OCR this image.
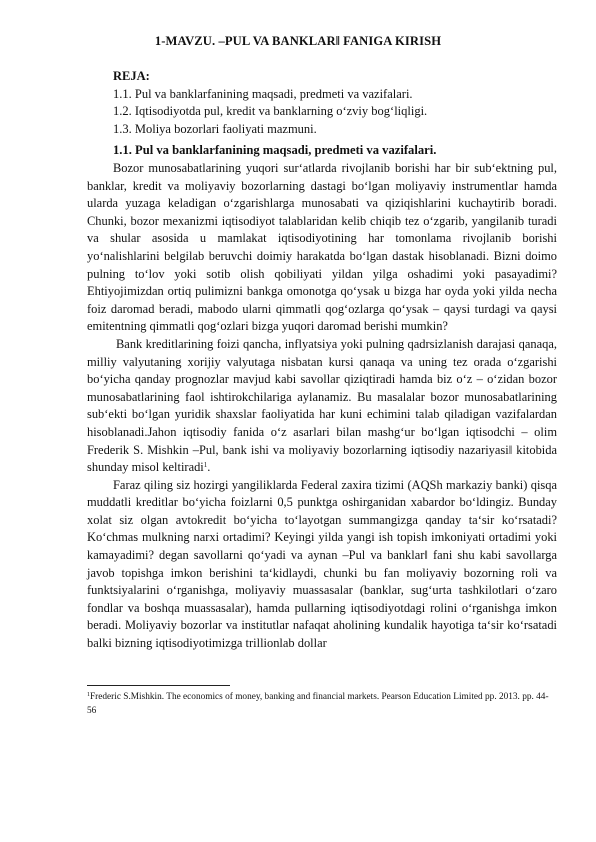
1-MAVZU. –PUL VA BANKLAR‖ FANIGA KIRISH
REJA:
1.1. Pul va banklarfanining maqsadi, predmeti va vazifalari.
1.2. Iqtisodiyotda pul, kredit va banklarning o‘zviy bog‘liqligi.
1.3. Moliya bozorlari faoliyati mazmuni.
1.1. Pul va banklarfanining maqsadi, predmeti va vazifalari.

Bozor munosabatlarining yuqori sur‘atlarda rivojlanib borishi har bir sub‘ektning pul, banklar, kredit va moliyaviy bozorlarning dastagi bo‘lgan moliyaviy instrumentlar hamda ularda yuzaga keladigan o‘zgarishlarga munosabati va qiziqishlarini kuchaytirib boradi. Chunki, bozor mexanizmi iqtisodiyot talablaridan kelib chiqib tez o‘zgarib, yangilanib turadi va shular asosida u mamlakat iqtisodiyotining har tomonlama rivojlanib borishi yo‘nalishlarini belgilab beruvchi doimiy harakatda bo‘lgan dastak hisoblanadi. Bizni doimo pulning to‘lov yoki sotib olish qobiliyati yildan yilga oshadimi yoki pasayadimi? Ehtiyojimizdan ortiq pulimizni bankga omonotga qo‘ysak u bizga har oyda yoki yilda necha foiz daromad beradi, mabodo ularni qimmatli qog‘ozlarga qo‘ysak – qaysi turdagi va qaysi emitentning qimmatli qog‘ozlari bizga yuqori daromad berishi mumkin?

Bank kreditlarining foizi qancha, inflyatsiya yoki pulning qadrsizlanish darajasi qanaqa, milliy valyutaning xorijiy valyutaga nisbatan kursi qanaqa va uning tez orada o‘zgarishi bo‘yicha qanday prognozlar mavjud kabi savollar qiziqtiradi hamda biz o‘z – o‘zidan bozor munosabatlarining faol ishtirokchilariga aylanamiz. Bu masalalar bozor munosabatlarining sub‘ekti bo‘lgan yuridik shaxslar faoliyatida har kuni echimini talab qiladigan vazifalardan hisoblanadi.Jahon iqtisodiy fanida o‘z asarlari bilan mashg‘ur bo‘lgan iqtisodchi – olim Frederik S. Mishkin –Pul, bank ishi va moliyaviy bozorlarning iqtisodiy nazariyasi‖ kitobida shunday misol keltiradi$^1$.

Faraz qiling siz hozirgi yangiliklarda Federal zaxira tizimi (AQSh markaziy banki) qisqa muddatli kreditlar bo‘yicha foizlarni 0,5 punktga oshirganidan xabardor bo‘ldingiz. Bunday xolat siz olgan avtokredit bo‘yicha to‘layotgan summangizga qanday ta‘sir ko‘rsatadi? Ko‘chmas mulkning narxi ortadimi? Keyingi yilda yangi ish topish imkoniyati ortadimi yoki kamayadimi? degan savollarni qo‘yadi va aynan –Pul va banklar‖ fani shu kabi savollarga javob topishga imkon berishini ta‘kidlaydi, chunki bu fan moliyaviy bozorning roli va funktsiyalarini o‘rganishga, moliyaviy muassasalar (banklar, sug‘urta tashkilotlari o‘zaro fondlar va boshqa muassasalar), hamda pullarning iqtisodiyotdagi rolini o‘rganishga imkon beradi. Moliyaviy bozorlar va institutlar nafaqat aholining kundalik hayotiga ta‘sir ko‘rsatadi balki bizning iqtisodiyotimizga trillionlab dollar

$^1$Frederic S.Mishkin. The economics of money, banking and financial markets. Pearson Education Limited pp. 2013. pp. 44-56
